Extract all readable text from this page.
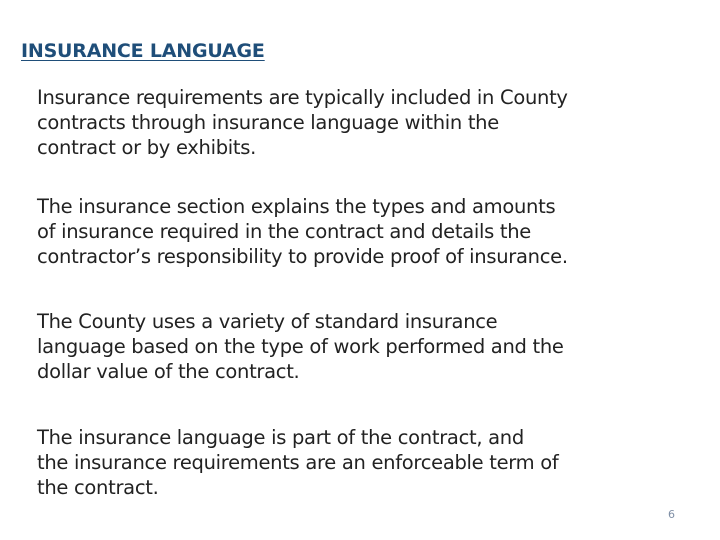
INSURANCE LANGUAGE

Insurance requirements are typically included in County
contracts through insurance language within the
contract or by exhibits.

The insurance section explains the types and amounts
of insurance required in the contract and details the
contractor’s responsibility to provide proof of insurance.

The County uses a variety of standard insurance
language based on the type of work performed and the
dollar value of the contract.

The insurance language is part of the contract, and
the insurance requirements are an enforceable term of
the contract.

6
